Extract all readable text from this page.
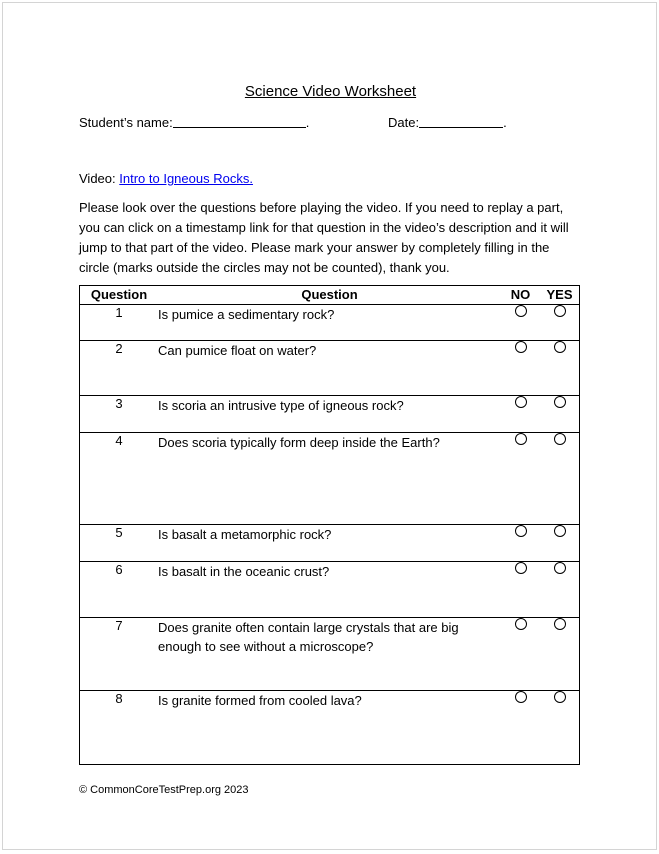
Science Video Worksheet
Student’s name:	.	Date:	.
Video: Intro to Igneous Rocks.
Please look over the questions before playing the video. If you need to replay a part, you can click on a timestamp link for that question in the video’s description and it will jump to that part of the video. Please mark your answer by completely filling in the circle (marks outside the circles may not be counted), thank you.
Question	Question	NO	YES
1	Is pumice a sedimentary rock?		
2	Can pumice float on water?		
3	Is scoria an intrusive type of igneous rock?		
4	Does scoria typically form deep inside the Earth?		
5	Is basalt a metamorphic rock?		
6	Is basalt in the oceanic crust?		
7	Does granite often contain large crystals that are big enough to see without a microscope?		
8	Is granite formed from cooled lava?		
© CommonCoreTestPrep.org 2023
